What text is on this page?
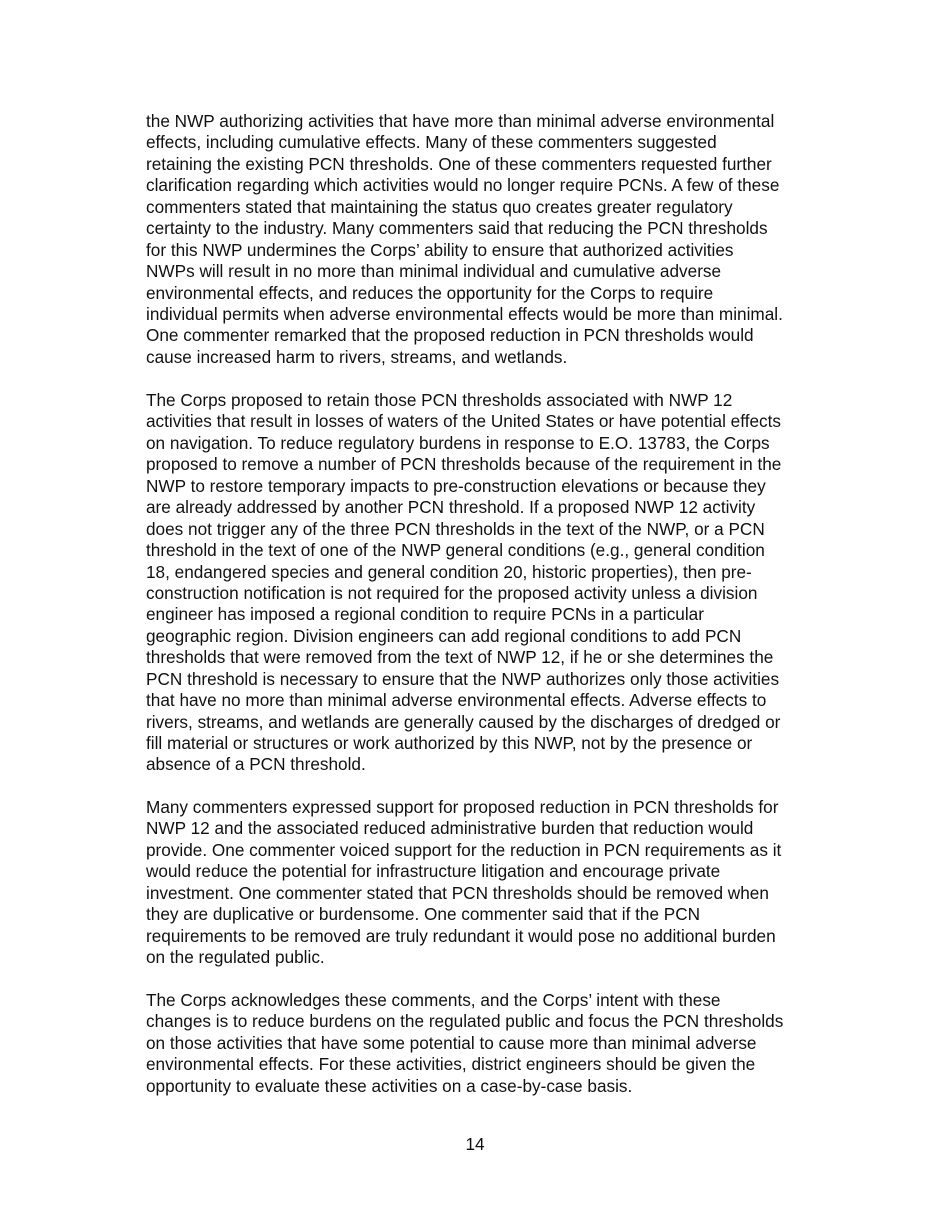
the NWP authorizing activities that have more than minimal adverse environmental
effects, including cumulative effects. Many of these commenters suggested
retaining the existing PCN thresholds. One of these commenters requested further
clarification regarding which activities would no longer require PCNs. A few of these
commenters stated that maintaining the status quo creates greater regulatory
certainty to the industry. Many commenters said that reducing the PCN thresholds
for this NWP undermines the Corps’ ability to ensure that authorized activities
NWPs will result in no more than minimal individual and cumulative adverse
environmental effects, and reduces the opportunity for the Corps to require
individual permits when adverse environmental effects would be more than minimal.
One commenter remarked that the proposed reduction in PCN thresholds would
cause increased harm to rivers, streams, and wetlands.

The Corps proposed to retain those PCN thresholds associated with NWP 12
activities that result in losses of waters of the United States or have potential effects
on navigation. To reduce regulatory burdens in response to E.O. 13783, the Corps
proposed to remove a number of PCN thresholds because of the requirement in the
NWP to restore temporary impacts to pre-construction elevations or because they
are already addressed by another PCN threshold. If a proposed NWP 12 activity
does not trigger any of the three PCN thresholds in the text of the NWP, or a PCN
threshold in the text of one of the NWP general conditions (e.g., general condition
18, endangered species and general condition 20, historic properties), then pre-
construction notification is not required for the proposed activity unless a division
engineer has imposed a regional condition to require PCNs in a particular
geographic region. Division engineers can add regional conditions to add PCN
thresholds that were removed from the text of NWP 12, if he or she determines the
PCN threshold is necessary to ensure that the NWP authorizes only those activities
that have no more than minimal adverse environmental effects. Adverse effects to
rivers, streams, and wetlands are generally caused by the discharges of dredged or
fill material or structures or work authorized by this NWP, not by the presence or
absence of a PCN threshold.

Many commenters expressed support for proposed reduction in PCN thresholds for
NWP 12 and the associated reduced administrative burden that reduction would
provide. One commenter voiced support for the reduction in PCN requirements as it
would reduce the potential for infrastructure litigation and encourage private
investment. One commenter stated that PCN thresholds should be removed when
they are duplicative or burdensome. One commenter said that if the PCN
requirements to be removed are truly redundant it would pose no additional burden
on the regulated public.

The Corps acknowledges these comments, and the Corps’ intent with these
changes is to reduce burdens on the regulated public and focus the PCN thresholds
on those activities that have some potential to cause more than minimal adverse
environmental effects. For these activities, district engineers should be given the
opportunity to evaluate these activities on a case-by-case basis.

14
